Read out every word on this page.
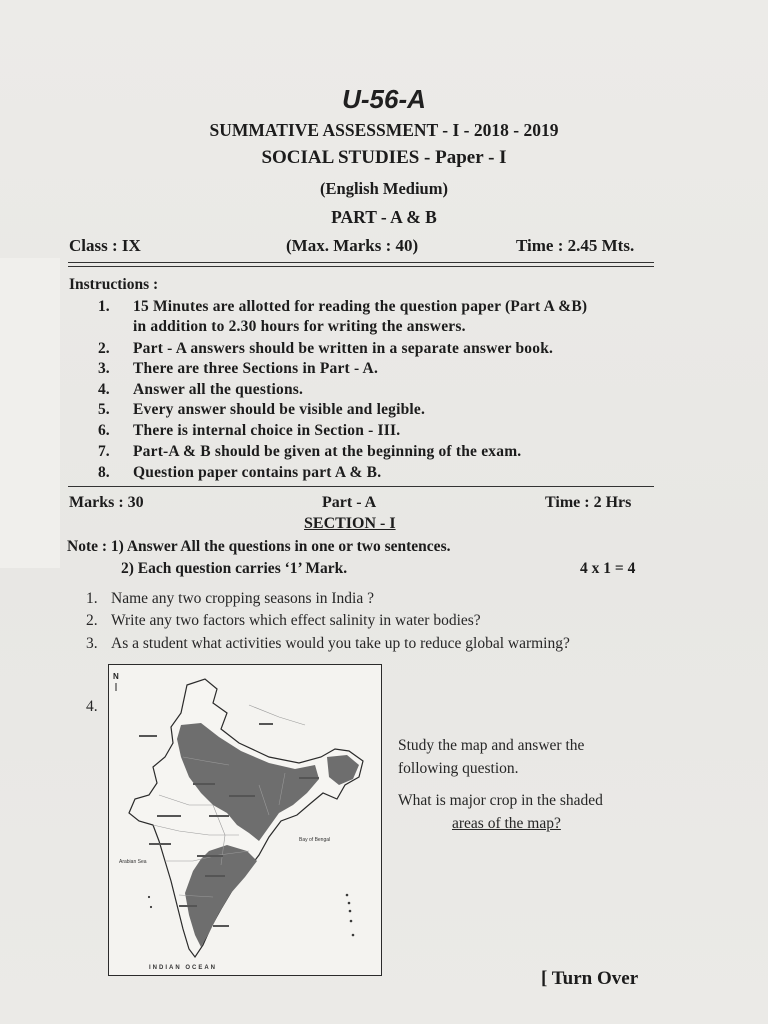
U-56-A
SUMMATIVE ASSESSMENT - I - 2018 - 2019
SOCIAL STUDIES - Paper - I
(English Medium)
PART - A & B
Class : IX	(Max. Marks : 40)	Time : 2.45 Mts.
Instructions :
1. 15 Minutes are allotted for reading the question paper (Part A &B)
in addition to 2.30 hours for writing the answers.
2. Part - A answers should be written in a separate answer book.
3. There are three Sections in Part - A.
4. Answer all the questions.
5. Every answer should be visible and legible.
6. There is internal choice in Section - III.
7. Part-A & B should be given at the beginning of the exam.
8. Question paper contains part A & B.
Marks : 30	Part - A	Time : 2 Hrs
SECTION - I
Note : 1) Answer All the questions in one or two sentences.
2) Each question carries ‘1’ Mark.	4 x 1 = 4
1. Name any two cropping seasons in India ?
2. Write any two factors which effect salinity in water bodies?
3. As a student what activities would you take up to reduce global warming?
4.
N
Bay of Bengal
Arabian Sea
INDIAN OCEAN
Study the map and answer the
following question.
What is major crop in the shaded
areas of the map?
[ Turn Over
